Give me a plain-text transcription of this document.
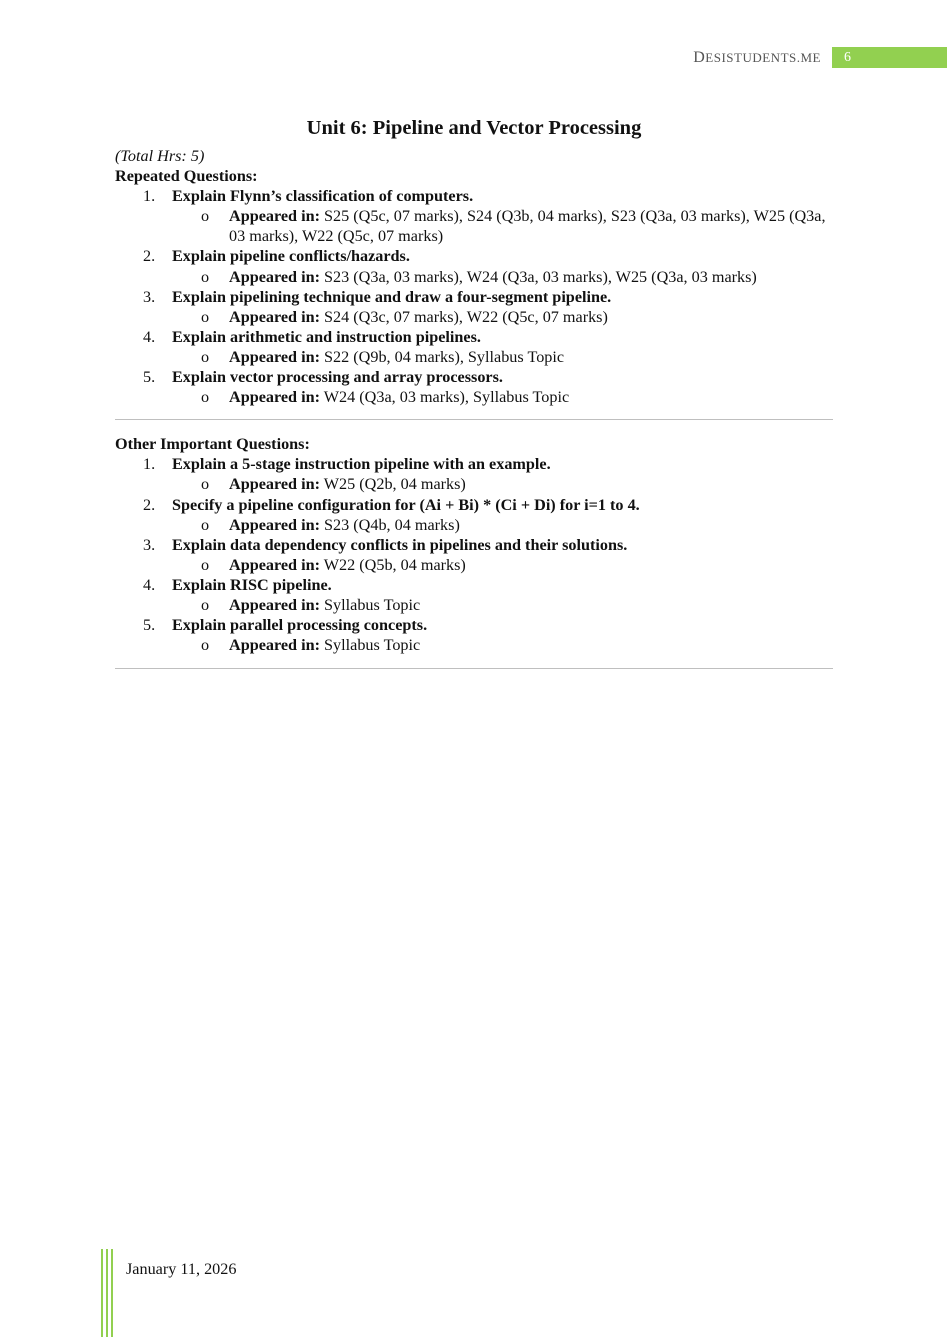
DESISTUDENTS.ME	6
Unit 6: Pipeline and Vector Processing
(Total Hrs: 5)
Repeated Questions:
1.	Explain Flynn’s classification of computers.
o Appeared in: S25 (Q5c, 07 marks), S24 (Q3b, 04 marks), S23 (Q3a, 03 marks), W25 (Q3a, 03 marks), W22 (Q5c, 07 marks)
2.	Explain pipeline conflicts/hazards.
o Appeared in: S23 (Q3a, 03 marks), W24 (Q3a, 03 marks), W25 (Q3a, 03 marks)
3.	Explain pipelining technique and draw a four-segment pipeline.
o Appeared in: S24 (Q3c, 07 marks), W22 (Q5c, 07 marks)
4.	Explain arithmetic and instruction pipelines.
o Appeared in: S22 (Q9b, 04 marks), Syllabus Topic
5.	Explain vector processing and array processors.
o Appeared in: W24 (Q3a, 03 marks), Syllabus Topic
Other Important Questions:
1.	Explain a 5-stage instruction pipeline with an example.
o Appeared in: W25 (Q2b, 04 marks)
2.	Specify a pipeline configuration for (Ai + Bi) * (Ci + Di) for i=1 to 4.
o Appeared in: S23 (Q4b, 04 marks)
3.	Explain data dependency conflicts in pipelines and their solutions.
o Appeared in: W22 (Q5b, 04 marks)
4.	Explain RISC pipeline.
o Appeared in: Syllabus Topic
5.	Explain parallel processing concepts.
o Appeared in: Syllabus Topic
January 11, 2026
